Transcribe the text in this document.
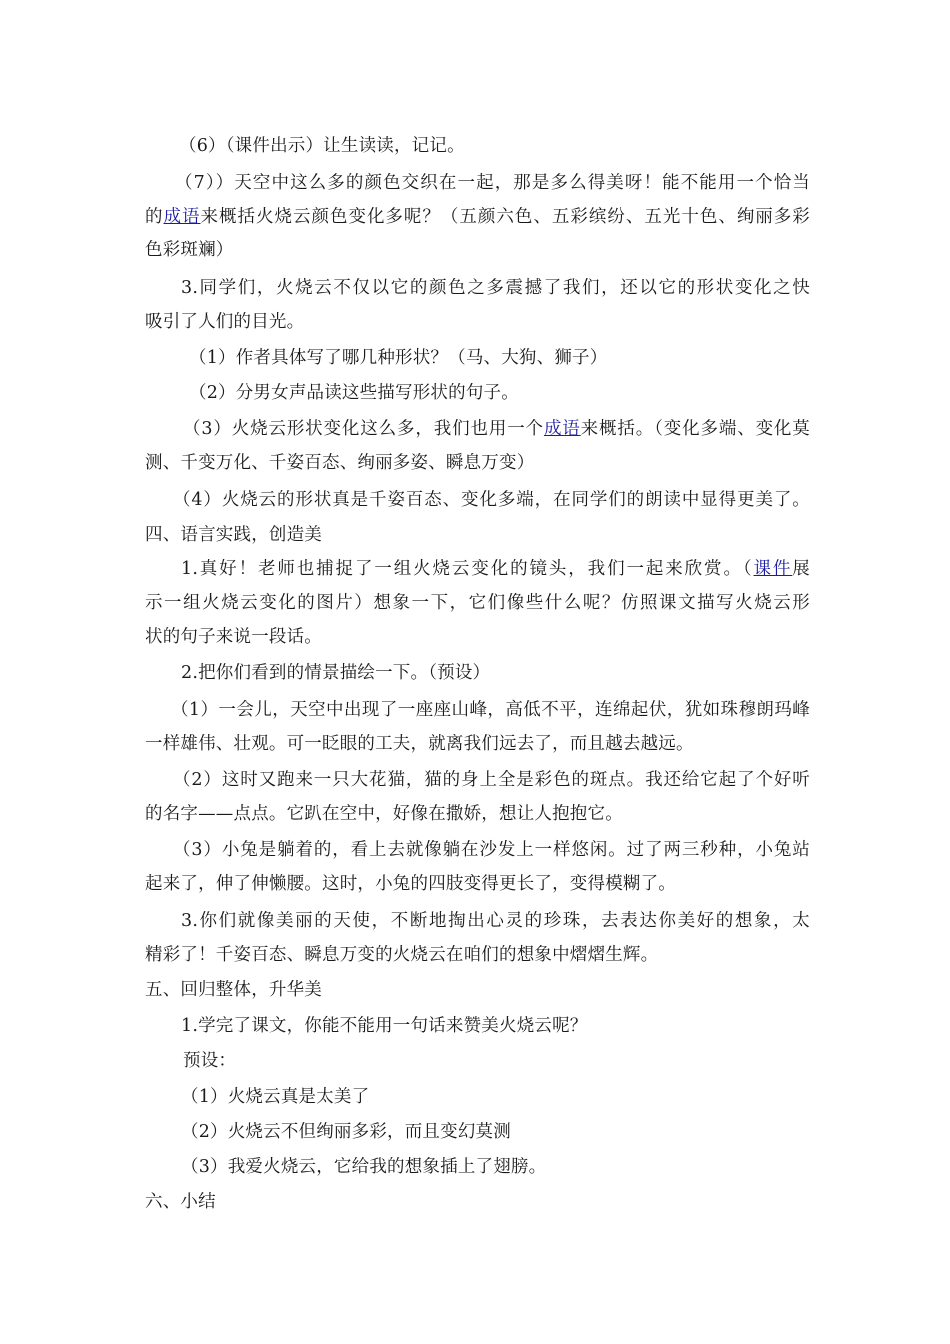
（6）（课件出示）让生读读，记记。
（7））天空中这么多的颜色交织在一起，那是多么得美呀！能不能用一个恰当
的成语来概括火烧云颜色变化多呢？（五颜六色、五彩缤纷、五光十色、绚丽多彩
色彩斑斓）
3.同学们，火烧云不仅以它的颜色之多震撼了我们，还以它的形状变化之快
吸引了人们的目光。
（1）作者具体写了哪几种形状？（马、大狗、狮子）
（2）分男女声品读这些描写形状的句子。
（3）火烧云形状变化这么多，我们也用一个成语来概括。（变化多端、变化莫
测、千变万化、千姿百态、绚丽多姿、瞬息万变）
（4）火烧云的形状真是千姿百态、变化多端，在同学们的朗读中显得更美了。
四、语言实践，创造美
1.真好！老师也捕捉了一组火烧云变化的镜头，我们一起来欣赏。（课件展
示一组火烧云变化的图片）想象一下，它们像些什么呢？仿照课文描写火烧云形
状的句子来说一段话。
2.把你们看到的情景描绘一下。（预设）
（1）一会儿，天空中出现了一座座山峰，高低不平，连绵起伏，犹如珠穆朗玛峰
一样雄伟、壮观。可一眨眼的工夫，就离我们远去了，而且越去越远。
（2）这时又跑来一只大花猫，猫的身上全是彩色的斑点。我还给它起了个好听
的名字——点点。它趴在空中，好像在撒娇，想让人抱抱它。
（3）小兔是躺着的，看上去就像躺在沙发上一样悠闲。过了两三秒种，小兔站
起来了，伸了伸懒腰。这时，小兔的四肢变得更长了，变得模糊了。
3.你们就像美丽的天使，不断地掏出心灵的珍珠，去表达你美好的想象，太
精彩了！千姿百态、瞬息万变的火烧云在咱们的想象中熠熠生辉。
五、回归整体，升华美
1.学完了课文，你能不能用一句话来赞美火烧云呢？
预设：
（1）火烧云真是太美了
（2）火烧云不但绚丽多彩，而且变幻莫测
（3）我爱火烧云，它给我的想象插上了翅膀。
六、小结
